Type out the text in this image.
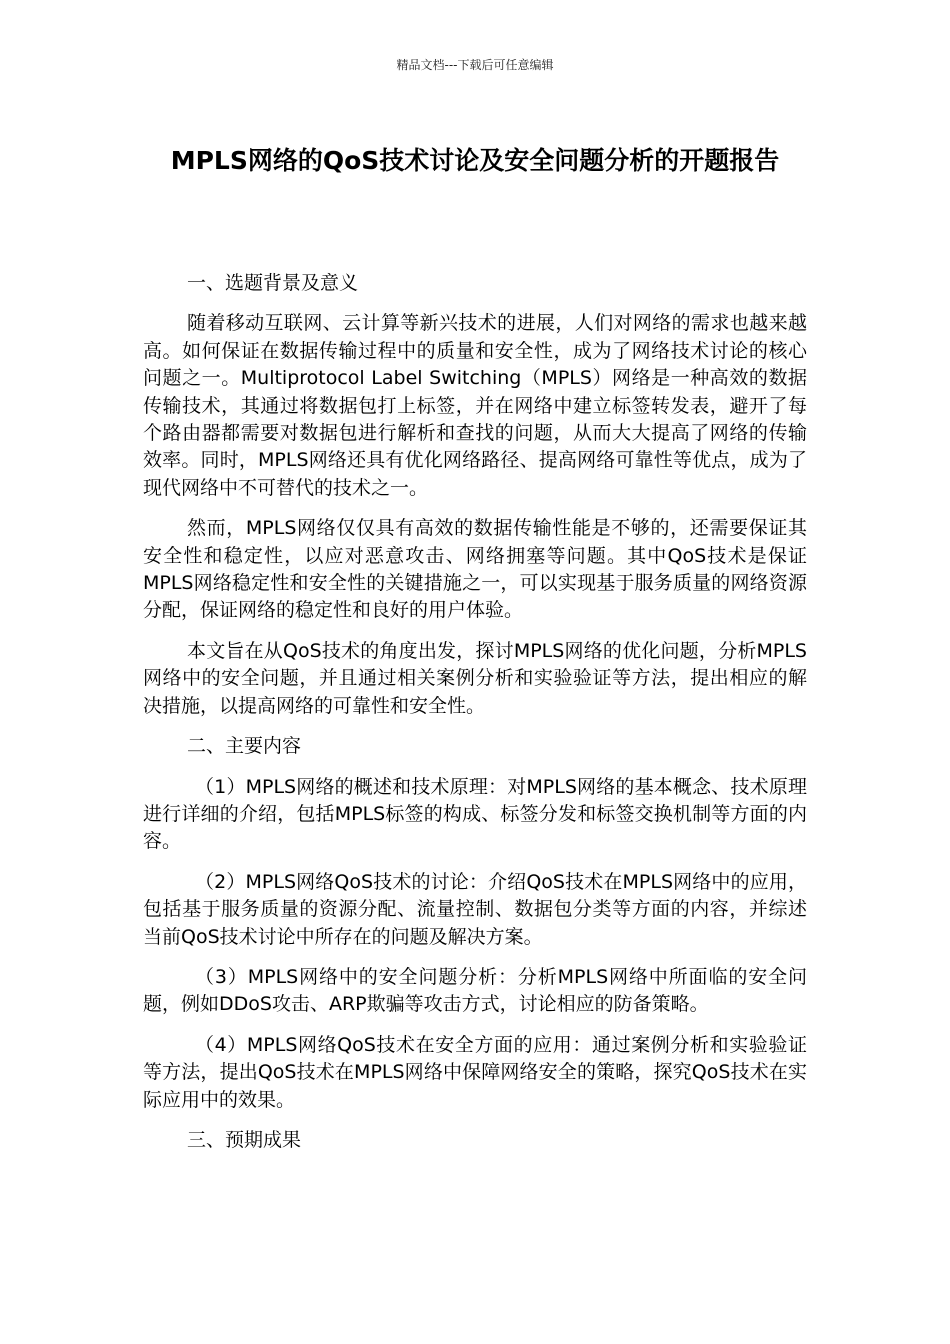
精品文档---下载后可任意编辑
MPLS网络的QoS技术讨论及安全问题分析的开题报告

一、选题背景及意义

随着移动互联网、云计算等新兴技术的进展，人们对网络的需求也越来越高。如何保证在数据传输过程中的质量和安全性，成为了网络技术讨论的核心问题之一。Multiprotocol Label Switching（MPLS）网络是一种高效的数据传输技术，其通过将数据包打上标签，并在网络中建立标签转发表，避开了每个路由器都需要对数据包进行解析和查找的问题，从而大大提高了网络的传输效率。同时，MPLS网络还具有优化网络路径、提高网络可靠性等优点，成为了现代网络中不可替代的技术之一。

然而，MPLS网络仅仅具有高效的数据传输性能是不够的，还需要保证其安全性和稳定性，以应对恶意攻击、网络拥塞等问题。其中QoS技术是保证MPLS网络稳定性和安全性的关键措施之一，可以实现基于服务质量的网络资源分配，保证网络的稳定性和良好的用户体验。

本文旨在从QoS技术的角度出发，探讨MPLS网络的优化问题，分析MPLS网络中的安全问题，并且通过相关案例分析和实验验证等方法，提出相应的解决措施，以提高网络的可靠性和安全性。

二、主要内容

（1）MPLS网络的概述和技术原理：对MPLS网络的基本概念、技术原理进行详细的介绍，包括MPLS标签的构成、标签分发和标签交换机制等方面的内容。

（2）MPLS网络QoS技术的讨论：介绍QoS技术在MPLS网络中的应用，包括基于服务质量的资源分配、流量控制、数据包分类等方面的内容，并综述当前QoS技术讨论中所存在的问题及解决方案。

（3）MPLS网络中的安全问题分析：分析MPLS网络中所面临的安全问题，例如DDoS攻击、ARP欺骗等攻击方式，讨论相应的防备策略。

（4）MPLS网络QoS技术在安全方面的应用：通过案例分析和实验验证等方法，提出QoS技术在MPLS网络中保障网络安全的策略，探究QoS技术在实际应用中的效果。

三、预期成果
